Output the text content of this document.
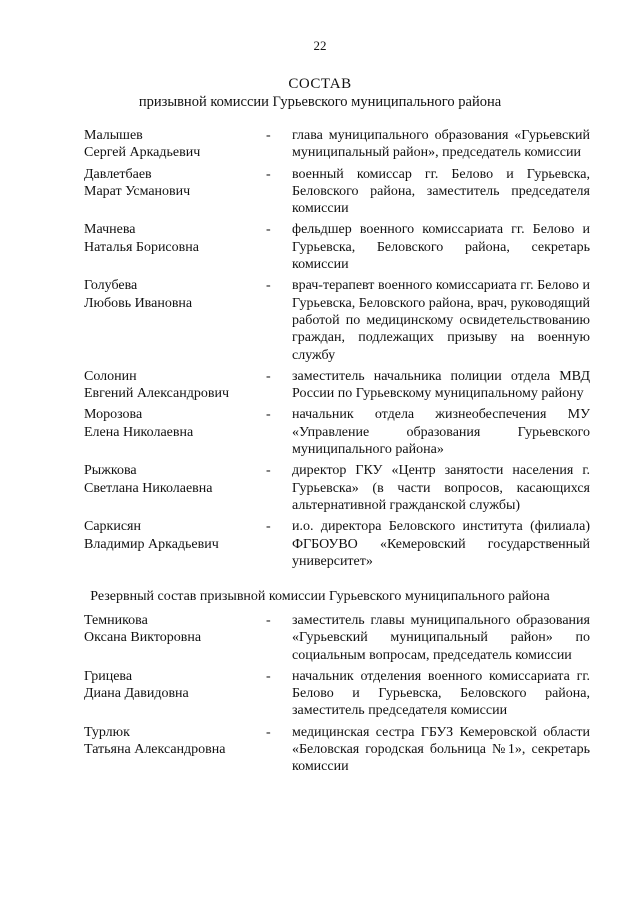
22
СОСТАВ
призывной комиссии Гурьевского муниципального района
Малышев
Сергей Аркадьевич
-	глава муниципального образования «Гурьевский муниципальный район», председатель комиссии
Давлетбаев
Марат Усманович
-	военный комиссар гг. Белово и Гурьевска, Беловского района, заместитель председателя комиссии
Мачнева
Наталья Борисовна
-	фельдшер военного комиссариата гг. Белово и Гурьевска, Беловского района, секретарь комиссии
Голубева
Любовь Ивановна
-	врач-терапевт военного комиссариата гг. Белово и Гурьевска, Беловского района, врач, руководящий работой по медицинскому освидетельствованию граждан, подлежащих призыву на военную службу
Солонин
Евгений Александрович
-	заместитель начальника полиции отдела МВД России по Гурьевскому муниципальному району
Морозова
Елена Николаевна
-	начальник отдела жизнеобеспечения МУ «Управление образования Гурьевского муниципального района»
Рыжкова
Светлана Николаевна
-	директор ГКУ «Центр занятости населения г. Гурьевска» (в части вопросов, касающихся альтернативной гражданской службы)
Саркисян
Владимир Аркадьевич
-	и.о. директора Беловского института (филиала) ФГБОУВО «Кемеровский государственный университет»
Резервный состав призывной комиссии Гурьевского муниципального района
Темникова
Оксана Викторовна
-	заместитель главы муниципального образования «Гурьевский муниципальный район» по социальным вопросам, председатель комиссии
Грицева
Диана Давидовна
-	начальник отделения военного комиссариата гг. Белово и Гурьевска, Беловского района, заместитель председателя комиссии
Турлюк
Татьяна Александровна
-	медицинская сестра ГБУЗ Кемеровской области «Беловская городская больница №1», секретарь комиссии
